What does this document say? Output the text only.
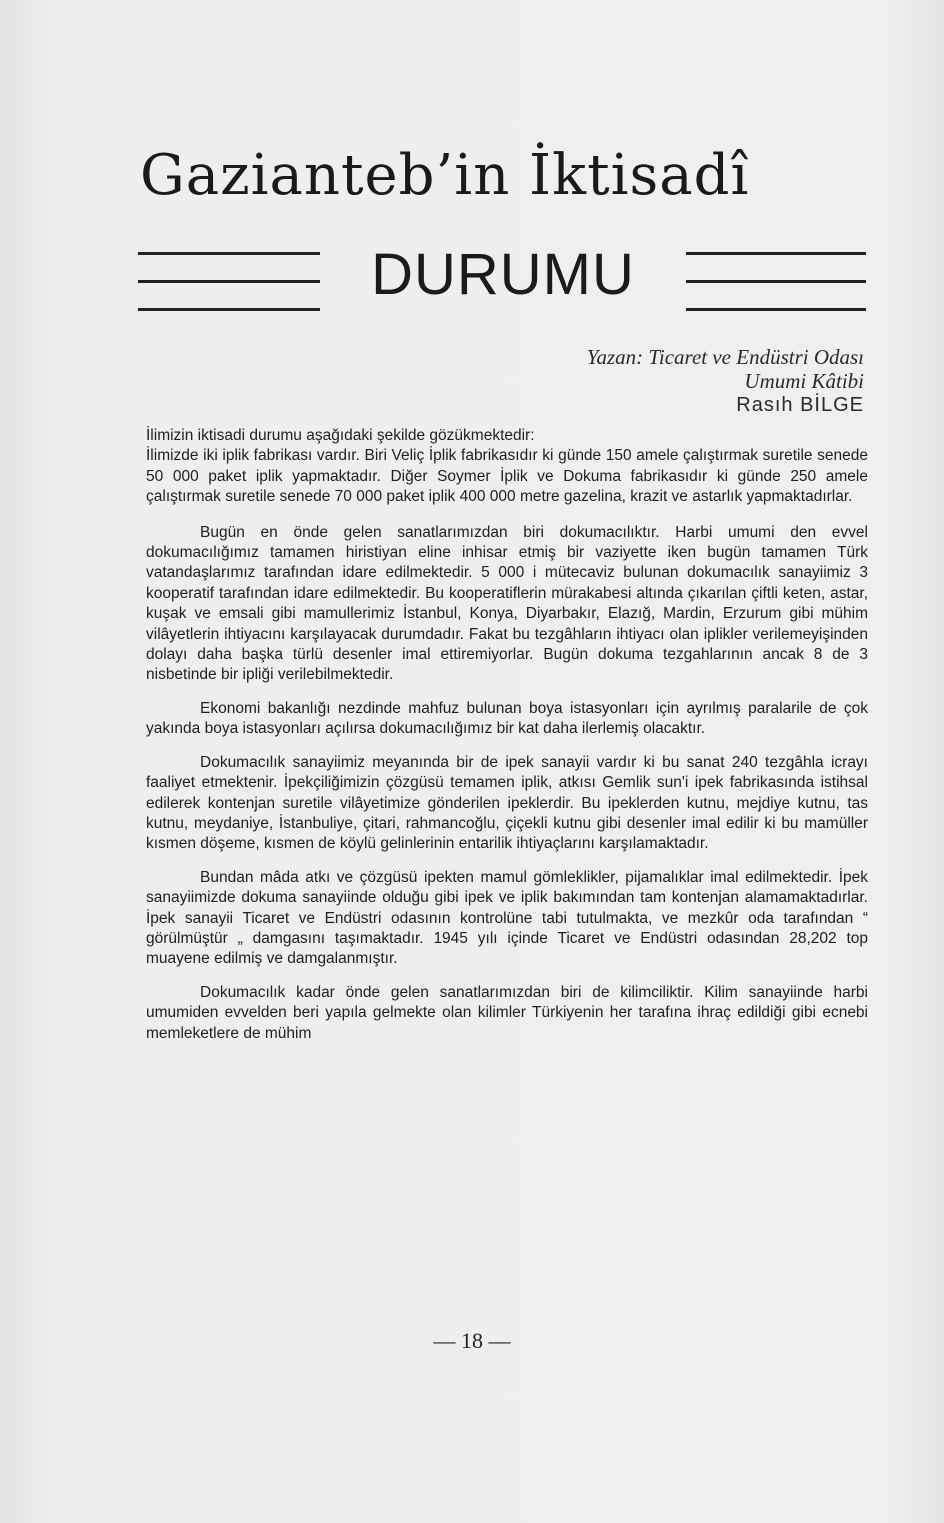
Gazianteb’in İktisadî
DURUMU
Yazan: Ticaret ve Endüstri Odası
Umumi Kâtibi
Rasıh BİLGE

İlimizin iktisadi durumu aşağıdaki şekilde gözükmektedir:

İlimizde iki iplik fabrikası vardır. Biri Veliç İplik fabrikasıdır ki günde 150 amele çalıştırmak suretile senede 50 000 paket iplik yapmaktadır. Diğer Soymer İplik ve Dokuma fabrikasıdır ki günde 250 amele çalıştırmak suretile senede 70 000 paket iplik 400 000 metre gazelina, krazit ve astarlık yapmaktadırlar.

Bugün en önde gelen sanatlarımızdan biri dokumacılıktır. Harbi umumi den evvel dokumacılığımız tamamen hiristiyan eline inhisar etmiş bir vaziyette iken bugün tamamen Türk vatandaşlarımız tarafından idare edilmektedir. 5 000 i mütecaviz bulunan dokumacılık sanayiimiz 3 kooperatif tarafından idare edilmektedir. Bu kooperatiflerin mürakabesi altında çıkarılan çiftli keten, astar, kuşak ve emsali gibi mamullerimiz İstanbul, Konya, Diyarbakır, Elazığ, Mardin, Erzurum gibi mühim vilâyetlerin ihtiyacını karşılayacak durumdadır. Fakat bu tezgâhların ihtiyacı olan iplikler verilemeyişinden dolayı daha başka türlü desenler imal ettiremiyorlar. Bugün dokuma tezgahlarının ancak 8 de 3 nisbetinde bir ipliği verilebilmektedir.

Ekonomi bakanlığı nezdinde mahfuz bulunan boya istasyonları için ayrılmış paralarile de çok yakında boya istasyonları açılırsa dokumacılığımız bir kat daha ilerlemiş olacaktır.

Dokumacılık sanayiimiz meyanında bir de ipek sanayii vardır ki bu sanat 240 tezgâhla icrayı faaliyet etmektenir. İpekçiliğimizin çözgüsü temamen iplik, atkısı Gemlik sun'i ipek fabrikasında istihsal edilerek kontenjan suretile vilâyetimize gönderilen ipeklerdir. Bu ipeklerden kutnu, mejdiye kutnu, tas kutnu, meydaniye, İstanbuliye, çitari, rahmancoğlu, çiçekli kutnu gibi desenler imal edilir ki bu mamüller kısmen döşeme, kısmen de köylü gelinlerinin entarilik ihtiyaçlarını karşılamaktadır.

Bundan mâda atkı ve çözgüsü ipekten mamul gömleklikler, pijamalıklar imal edilmektedir. İpek sanayiimizde dokuma sanayiinde olduğu gibi ipek ve iplik bakımından tam kontenjan alamamaktadırlar. İpek sanayii Ticaret ve Endüstri odasının kontrolüne tabi tutulmakta, ve mezkûr oda tarafından “ görülmüştür „ damgasını taşımaktadır. 1945 yılı içinde Ticaret ve Endüstri odasından 28,202 top muayene edilmiş ve damgalanmıştır.

Dokumacılık kadar önde gelen sanatlarımızdan biri de kilimciliktir. Kilim sanayiinde harbi umumiden evvelden beri yapıla gelmekte olan kilimler Türkiyenin her tarafına ihraç edildiği gibi ecnebi memleketlere de mühim

— 18 —
